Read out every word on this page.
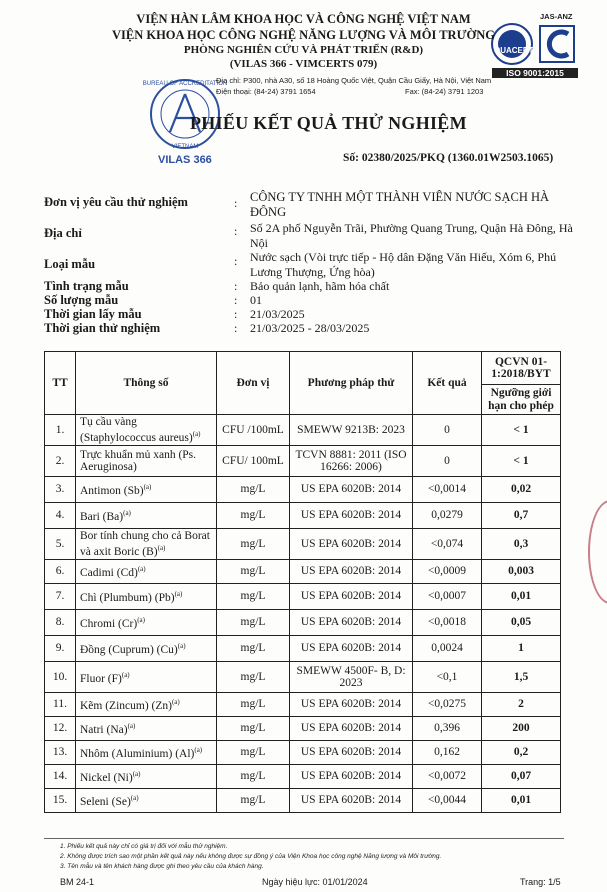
BUREAU OF ACCREDITATION
VIETNAM
VILAS 366
JAS-ANZ
QUACERT
ISO 9001:2015
VIỆN HÀN LÂM KHOA HỌC VÀ CÔNG NGHỆ VIỆT NAM
VIỆN KHOA HỌC CÔNG NGHỆ NĂNG LƯỢNG VÀ MÔI TRƯỜNG
PHÒNG NGHIÊN CỨU VÀ PHÁT TRIỂN (R&D)
(VILAS 366 - VIMCERTS 079)
Địa chỉ: P300, nhà A30, số 18 Hoàng Quốc Việt, Quận Cầu Giấy, Hà Nội, Việt Nam
Điện thoại: (84-24) 3791 1654	Fax: (84-24) 3791 1203
PHIẾU KẾT QUẢ THỬ NGHIỆM
Số: 02380/2025/PKQ (1360.01W2503.1065)
Đơn vị yêu cầu thử nghiệm	: CÔNG TY TNHH MỘT THÀNH VIÊN NƯỚC SẠCH HÀ ĐÔNG
Địa chỉ	: Số 2A phố Nguyễn Trãi, Phường Quang Trung, Quận Hà Đông, Hà Nội
Loại mẫu	: Nước sạch (Vòi trực tiếp - Hộ dân Đặng Văn Hiếu, Xóm 6, Phú Lương Thượng, Ứng hòa)
Tình trạng mẫu	: Bảo quản lạnh, hãm hóa chất
Số lượng mẫu	: 01
Thời gian lấy mẫu	: 21/03/2025
Thời gian thử nghiệm	: 21/03/2025 - 28/03/2025
TT	Thông số	Đơn vị	Phương pháp thử	Kết quả	QCVN 01-1:2018/BYT
					Ngưỡng giới hạn cho phép
1.	Tụ cầu vàng (Staphylococcus aureus)$^{(a)}$	CFU /100mL	SMEWW 9213B: 2023	0	< 1
2.	Trực khuẩn mủ xanh (Ps. Aeruginosa)	CFU/ 100mL	TCVN 8881: 2011 (ISO 16266: 2006)	0	< 1
3.	Antimon $(Sb)^{(a)}$	mg/L	US EPA 6020B: 2014	<0,0014	0,02
4.	Bari $(Ba)^{(a)}$	mg/L	US EPA 6020B: 2014	0,0279	0,7
5.	Bor tính chung cho cả Borat và axit Boric $(B)^{(a)}$	mg/L	US EPA 6020B: 2014	<0,074	0,3
6.	Cadimi $(Cd)^{(a)}$	mg/L	US EPA 6020B: 2014	<0,0009	0,003
7.	Chì (Plumbum) $(Pb)^{(a)}$	mg/L	US EPA 6020B: 2014	<0,0007	0,01
8.	Chromi $(Cr)^{(a)}$	mg/L	US EPA 6020B: 2014	<0,0018	0,05
9.	Đồng (Cuprum) $(Cu)^{(a)}$	mg/L	US EPA 6020B: 2014	0,0024	1
10.	Fluor $(F)^{(a)}$	mg/L	SMEWW 4500F- B, D: 2023	<0,1	1,5
11.	Kẽm (Zincum) $(Zn)^{(a)}$	mg/L	US EPA 6020B: 2014	<0,0275	2
12.	Natri $(Na)^{(a)}$	mg/L	US EPA 6020B: 2014	0,396	200
13.	Nhôm (Aluminium) $(Al)^{(a)}$	mg/L	US EPA 6020B: 2014	0,162	0,2
14.	Nickel $(Ni)^{(a)}$	mg/L	US EPA 6020B: 2014	<0,0072	0,07
15.	Seleni $(Se)^{(a)}$	mg/L	US EPA 6020B: 2014	<0,0044	0,01
1. Phiếu kết quả này chỉ có giá trị đối với mẫu thử nghiệm.
2. Không được trích sao một phần kết quả này nếu không được sự đồng ý của Viện Khoa học công nghệ Năng lượng và Môi trường.
3. Tên mẫu và tên khách hàng được ghi theo yêu cầu của khách hàng.
BM 24-1	Ngày hiệu lực: 01/01/2024	Trang: 1/5
